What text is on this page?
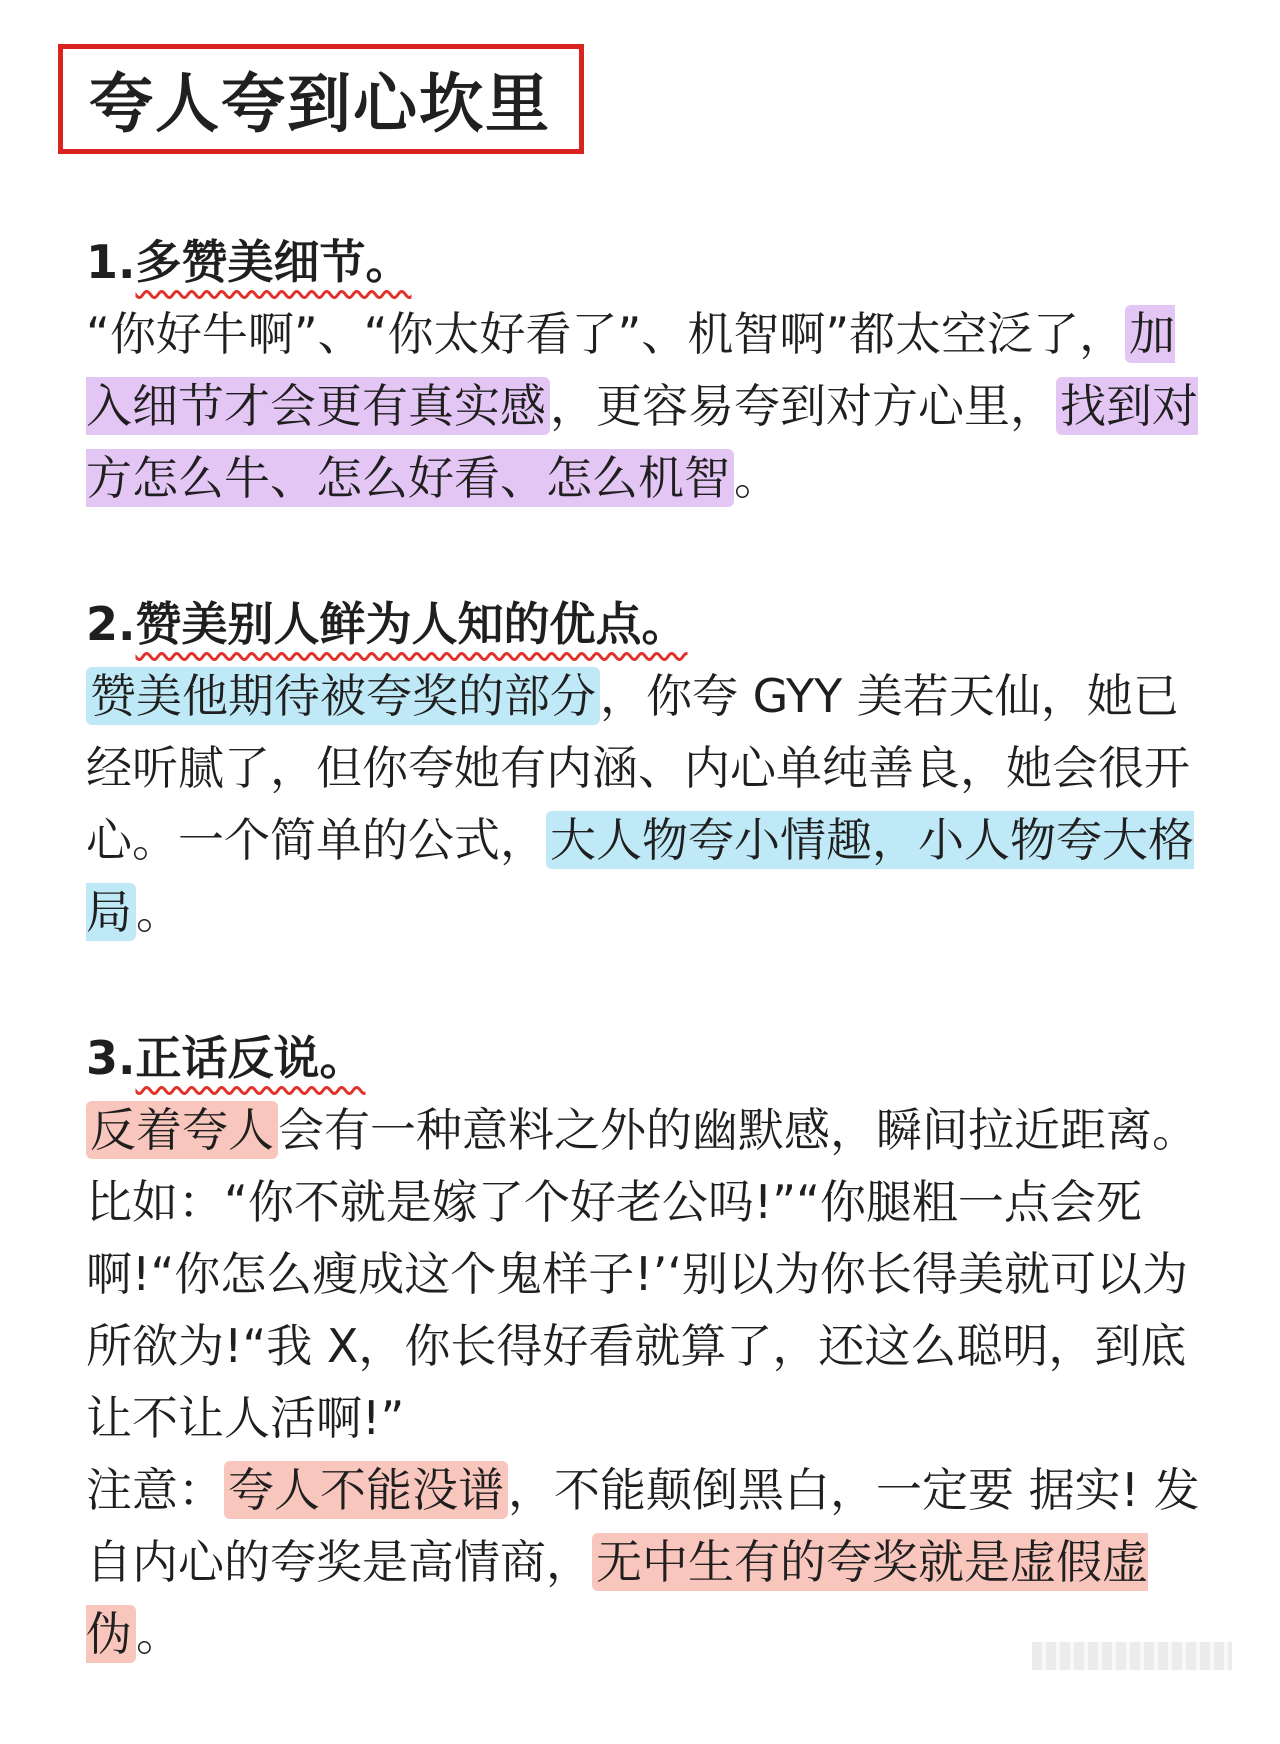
夸人夸到心坎里

1.多赞美细节。

“你好牛啊”、“你太好看了”、机智啊”都太空泛了，加入细节才会更有真实感，更容易夸到对方心里，找到对方怎么牛、怎么好看、怎么机智。

2.赞美别人鲜为人知的优点。

赞美他期待被夸奖的部分，你夸 GYY 美若天仙，她已经听腻了，但你夸她有内涵、内心单纯善良，她会很开心。一个简单的公式，大人物夸小情趣，小人物夸大格局。

3.正话反说。

反着夸人会有一种意料之外的幽默感，瞬间拉近距离。比如：“你不就是嫁了个好老公吗!”“你腿粗一点会死啊!“你怎么瘦成这个鬼样子!’‘别以为你长得美就可以为所欲为!“我 X，你长得好看就算了，还这么聪明，到底让不让人活啊!”

注意：夸人不能没谱，不能颠倒黑白，一定要 据实! 发自内心的夸奖是高情商，无中生有的夸奖就是虚假虚伪。
